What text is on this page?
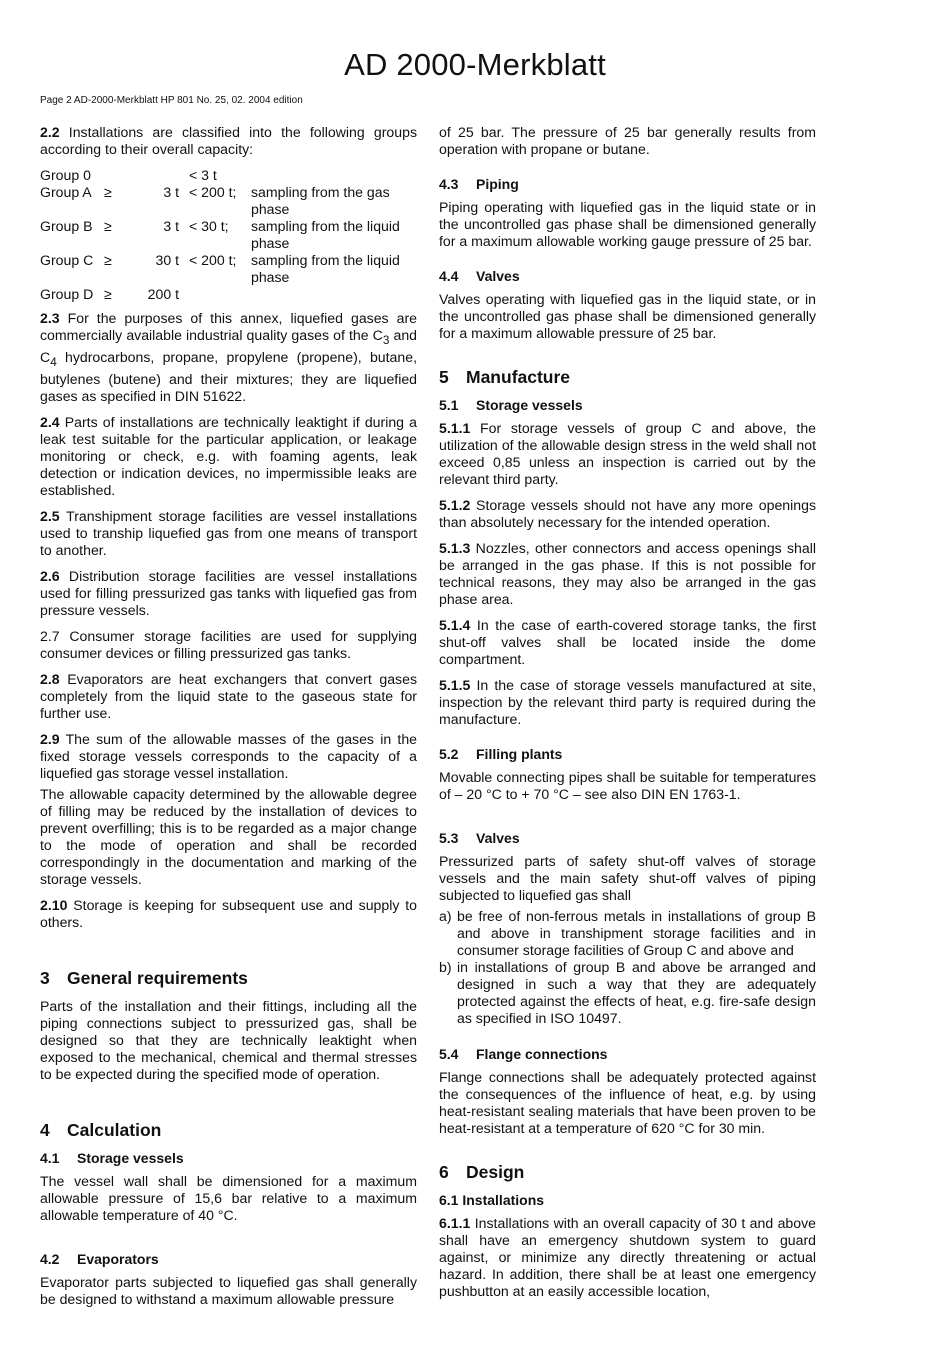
AD 2000-Merkblatt
Page 2 AD-2000-Merkblatt HP 801 No. 25, 02. 2004 edition

2.2 Installations are classified into the following groups according to their overall capacity:

Group 0			< 3 t	
Group A	≥	3 t	< 200 t;	sampling from the gas phase
Group B	≥	3 t	< 30 t;	sampling from the liquid phase
Group C	≥	30 t	< 200 t;	sampling from the liquid phase
Group D	≥	200 t		

2.3 For the purposes of this annex, liquefied gases are commercially available industrial quality gases of the $C_3$ and $C_4$ hydrocarbons, propane, propylene (propene), butane, butylenes (butene) and their mixtures; they are liquefied gases as specified in DIN 51622.

2.4 Parts of installations are technically leaktight if during a leak test suitable for the particular application, or leakage monitoring or check, e.g. with foaming agents, leak detection or indication devices, no impermissible leaks are established.

2.5 Transhipment storage facilities are vessel installations used to tranship liquefied gas from one means of transport to another.

2.6 Distribution storage facilities are vessel installations used for filling pressurized gas tanks with liquefied gas from pressure vessels.

2.7 Consumer storage facilities are used for supplying consumer devices or filling pressurized gas tanks.

2.8 Evaporators are heat exchangers that convert gases completely from the liquid state to the gaseous state for further use.

2.9 The sum of the allowable masses of the gases in the fixed storage vessels corresponds to the capacity of a liquefied gas storage vessel installation.

The allowable capacity determined by the allowable degree of filling may be reduced by the installation of devices to prevent overfilling; this is to be regarded as a major change to the mode of operation and shall be recorded correspondingly in the documentation and marking of the storage vessels.

2.10 Storage is keeping for subsequent use and supply to others.

3 General requirements

Parts of the installation and their fittings, including all the piping connections subject to pressurized gas, shall be designed so that they are technically leaktight when exposed to the mechanical, chemical and thermal stresses to be expected during the specified mode of operation.

4 Calculation
4.1 Storage vessels

The vessel wall shall be dimensioned for a maximum allowable pressure of 15,6 bar relative to a maximum allowable temperature of 40 °C.

4.2 Evaporators

Evaporator parts subjected to liquefied gas shall generally be designed to withstand a maximum allowable pressure

of 25 bar. The pressure of 25 bar generally results from operation with propane or butane.

4.3 Piping

Piping operating with liquefied gas in the liquid state or in the uncontrolled gas phase shall be dimensioned generally for a maximum allowable working gauge pressure of 25 bar.

4.4 Valves

Valves operating with liquefied gas in the liquid state, or in the uncontrolled gas phase shall be dimensioned generally for a maximum allowable pressure of 25 bar.

5 Manufacture
5.1 Storage vessels

5.1.1 For storage vessels of group C and above, the utilization of the allowable design stress in the weld shall not exceed 0,85 unless an inspection is carried out by the relevant third party.

5.1.2 Storage vessels should not have any more openings than absolutely necessary for the intended operation.

5.1.3 Nozzles, other connectors and access openings shall be arranged in the gas phase. If this is not possible for technical reasons, they may also be arranged in the gas phase area.

5.1.4 In the case of earth-covered storage tanks, the first shut-off valves shall be located inside the dome compartment.

5.1.5 In the case of storage vessels manufactured at site, inspection by the relevant third party is required during the manufacture.

5.2 Filling plants

Movable connecting pipes shall be suitable for temperatures of – 20 °C to + 70 °C – see also DIN EN 1763-1.

5.3 Valves

Pressurized parts of safety shut-off valves of storage vessels and the main safety shut-off valves of piping subjected to liquefied gas shall

a) be free of non-ferrous metals in installations of group B and above in transhipment storage facilities and in consumer storage facilities of Group C and above and
b) in installations of group B and above be arranged and designed in such a way that they are adequately protected against the effects of heat, e.g. fire-safe design as specified in ISO 10497.
5.4 Flange connections

Flange connections shall be adequately protected against the consequences of the influence of heat, e.g. by using heat-resistant sealing materials that have been proven to be heat-resistant at a temperature of 620 °C for 30 min.

6 Design
6.1 Installations

6.1.1 Installations with an overall capacity of 30 t and above shall have an emergency shutdown system to guard against, or minimize any directly threatening or actual hazard. In addition, there shall be at least one emergency pushbutton at an easily accessible location,
